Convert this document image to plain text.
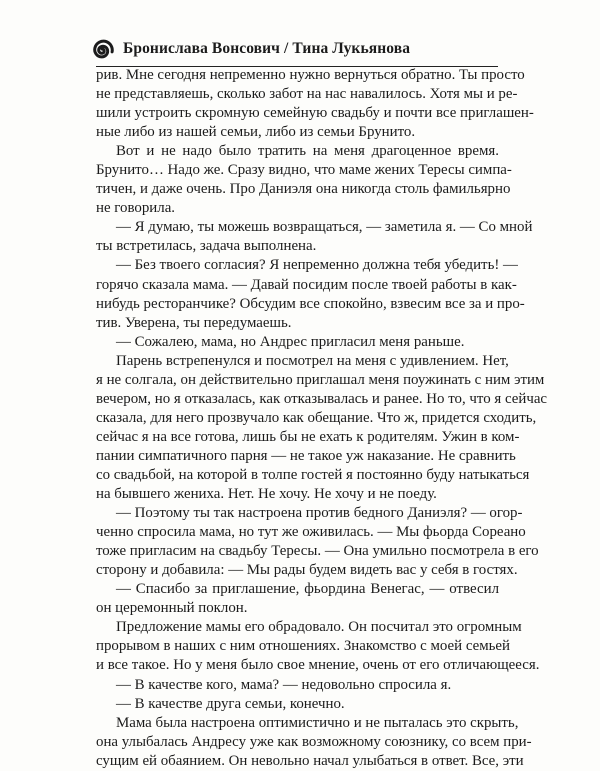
Бронислава Вонсович / Тина Лукьянова
рив. Мне сегодня непременно нужно вернуться обратно. Ты просто
не представляешь, сколько забот на нас навалилось. Хотя мы и ре-
шили устроить скромную семейную свадьбу и почти все приглашен-
ные либо из нашей семьи, либо из семьи Брунито.
Вот и не надо было тратить на меня драгоценное время.
Брунито… Надо же. Сразу видно, что маме жених Тересы симпа-
тичен, и даже очень. Про Даниэля она никогда столь фамильярно
не говорила.
— Я думаю, ты можешь возвращаться, — заметила я. — Со мной
ты встретилась, задача выполнена.
— Без твоего согласия? Я непременно должна тебя убедить! —
горячо сказала мама. — Давай посидим после твоей работы в как-
нибудь ресторанчике? Обсудим все спокойно, взвесим все за и про-
тив. Уверена, ты передумаешь.
— Сожалею, мама, но Андрес пригласил меня раньше.
Парень встрепенулся и посмотрел на меня с удивлением. Нет,
я не солгала, он действительно приглашал меня поужинать с ним этим
вечером, но я отказалась, как отказывалась и ранее. Но то, что я сейчас
сказала, для него прозвучало как обещание. Что ж, придется сходить,
сейчас я на все готова, лишь бы не ехать к родителям. Ужин в ком-
пании симпатичного парня — не такое уж наказание. Не сравнить
со свадьбой, на которой в толпе гостей я постоянно буду натыкаться
на бывшего жениха. Нет. Не хочу. Не хочу и не поеду.
— Поэтому ты так настроена против бедного Даниэля? — огор-
ченно спросила мама, но тут же оживилась. — Мы фьорда Сореано
тоже пригласим на свадьбу Тересы. — Она умильно посмотрела в его
сторону и добавила: — Мы рады будем видеть вас у себя в гостях.
— Спасибо за приглашение, фьордина Венегас, — отвесил
он церемонный поклон.
Предложение мамы его обрадовало. Он посчитал это огромным
прорывом в наших с ним отношениях. Знакомство с моей семьей
и все такое. Но у меня было свое мнение, очень от его отличающееся.
— В качестве кого, мама? — недовольно спросила я.
— В качестве друга семьи, конечно.
Мама была настроена оптимистично и не пыталась это скрыть,
она улыбалась Андресу уже как возможному союзнику, со всем при-
сущим ей обаянием. Он невольно начал улыбаться в ответ. Все, эти
